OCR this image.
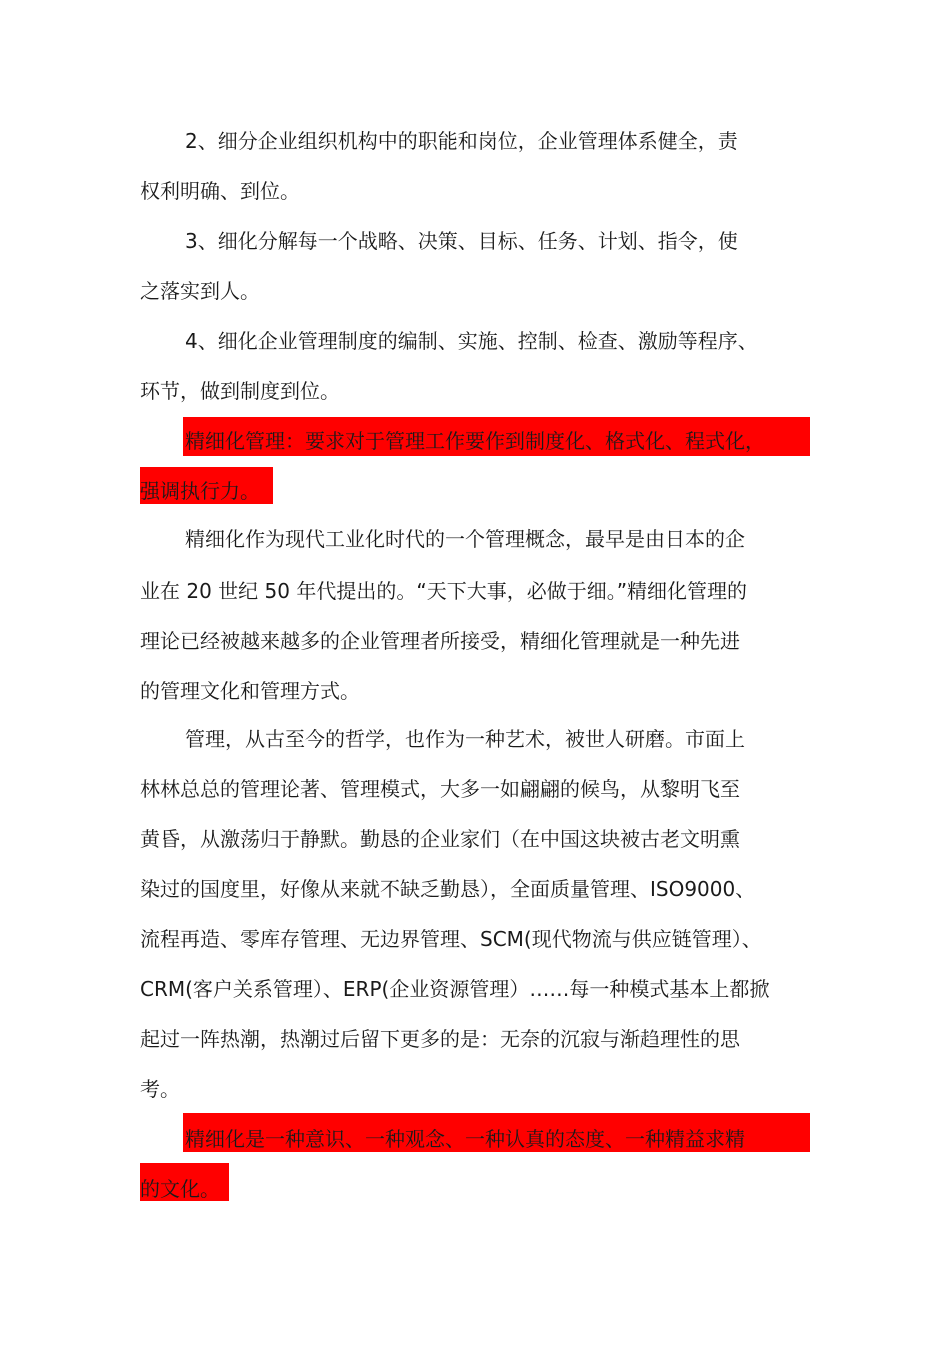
2、细分企业组织机构中的职能和岗位，企业管理体系健全，责

权利明确、到位。

3、细化分解每一个战略、决策、目标、任务、计划、指令，使

之落实到人。

4、细化企业管理制度的编制、实施、控制、检查、激励等程序、

环节，做到制度到位。

精细化管理：要求对于管理工作要作到制度化、格式化、程式化，

强调执行力。

精细化作为现代工业化时代的一个管理概念，最早是由日本的企

业在 20 世纪 50 年代提出的。“天下大事，必做于细。”精细化管理的

理论已经被越来越多的企业管理者所接受，精细化管理就是一种先进

的管理文化和管理方式。

管理，从古至今的哲学，也作为一种艺术，被世人研磨。市面上

林林总总的管理论著、管理模式，大多一如翩翩的候鸟，从黎明飞至

黄昏，从激荡归于静默。勤恳的企业家们（在中国这块被古老文明熏

染过的国度里，好像从来就不缺乏勤恳），全面质量管理、ISO9000、

流程再造、零库存管理、无边界管理、SCM(现代物流与供应链管理）、

CRM(客户关系管理）、ERP(企业资源管理）……每一种模式基本上都掀

起过一阵热潮，热潮过后留下更多的是：无奈的沉寂与渐趋理性的思

考。

精细化是一种意识、一种观念、一种认真的态度、一种精益求精

的文化。
